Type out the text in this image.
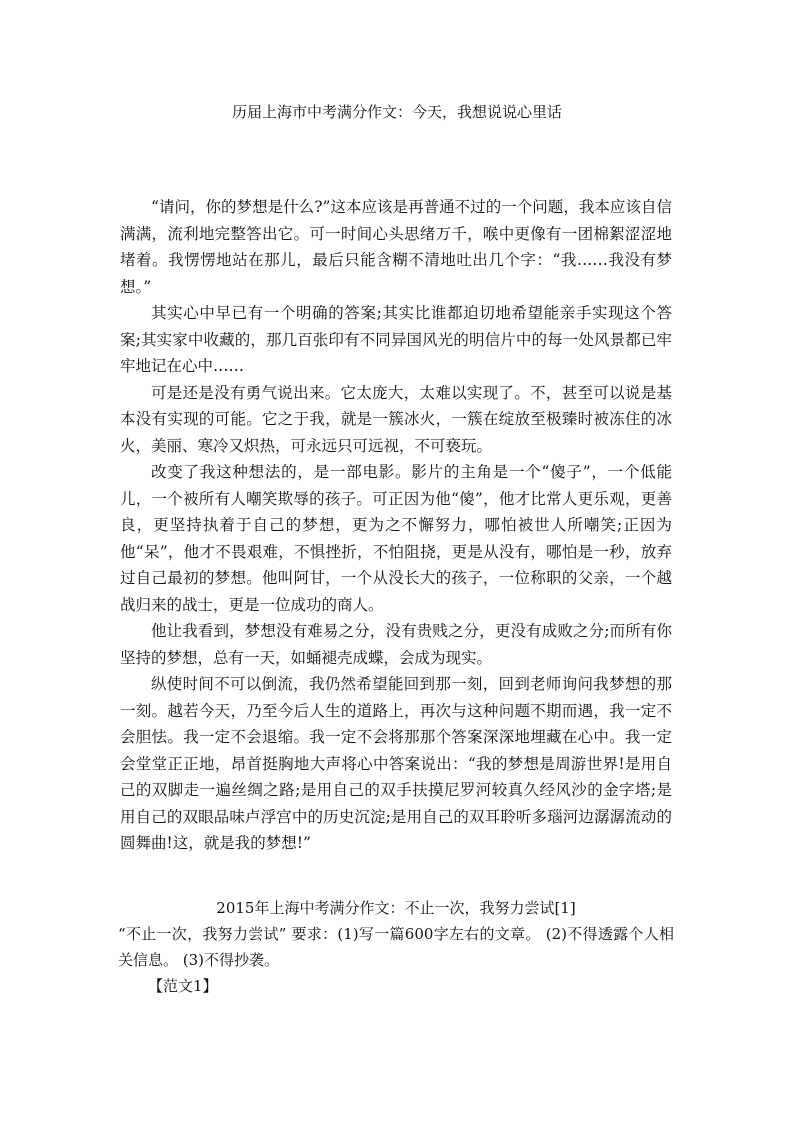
历届上海市中考满分作文：今天，我想说说心里话

“请问，你的梦想是什么?”这本应该是再普通不过的一个问题，我本应该自信满满，流利地完整答出它。可一时间心头思绪万千，喉中更像有一团棉絮涩涩地堵着。我愣愣地站在那儿，最后只能含糊不清地吐出几个字：“我……我没有梦想。”

其实心中早已有一个明确的答案;其实比谁都迫切地希望能亲手实现这个答案;其实家中收藏的，那几百张印有不同异国风光的明信片中的每一处风景都已牢牢地记在心中……

可是还是没有勇气说出来。它太庞大，太难以实现了。不，甚至可以说是基本没有实现的可能。它之于我，就是一簇冰火，一簇在绽放至极臻时被冻住的冰火，美丽、寒冷又炽热，可永远只可远视，不可亵玩。

改变了我这种想法的，是一部电影。影片的主角是一个“傻子”，一个低能儿，一个被所有人嘲笑欺辱的孩子。可正因为他“傻”，他才比常人更乐观，更善良，更坚持执着于自己的梦想，更为之不懈努力，哪怕被世人所嘲笑;正因为他“呆”，他才不畏艰难，不惧挫折，不怕阻挠，更是从没有，哪怕是一秒，放弃过自己最初的梦想。他叫阿甘，一个从没长大的孩子，一位称职的父亲，一个越战归来的战士，更是一位成功的商人。

他让我看到，梦想没有难易之分，没有贵贱之分，更没有成败之分;而所有你坚持的梦想，总有一天，如蛹褪壳成蝶，会成为现实。

纵使时间不可以倒流，我仍然希望能回到那一刻，回到老师询问我梦想的那一刻。越若今天，乃至今后人生的道路上，再次与这种问题不期而遇，我一定不会胆怯。我一定不会退缩。我一定不会将那那个答案深深地埋藏在心中。我一定会堂堂正正地，昂首挺胸地大声将心中答案说出：“我的梦想是周游世界!是用自己的双脚走一遍丝绸之路;是用自己的双手扶摸尼罗河较真久经风沙的金字塔;是用自己的双眼品味卢浮宫中的历史沉淀;是用自己的双耳聆听多瑙河边潺潺流动的圆舞曲!这，就是我的梦想!”

2015年上海中考满分作文：不止一次，我努力尝试[1]

“不止一次，我努力尝试” 要求：(1)写一篇600字左右的文章。 (2)不得透露个人相关信息。 (3)不得抄袭。

【范文1】
